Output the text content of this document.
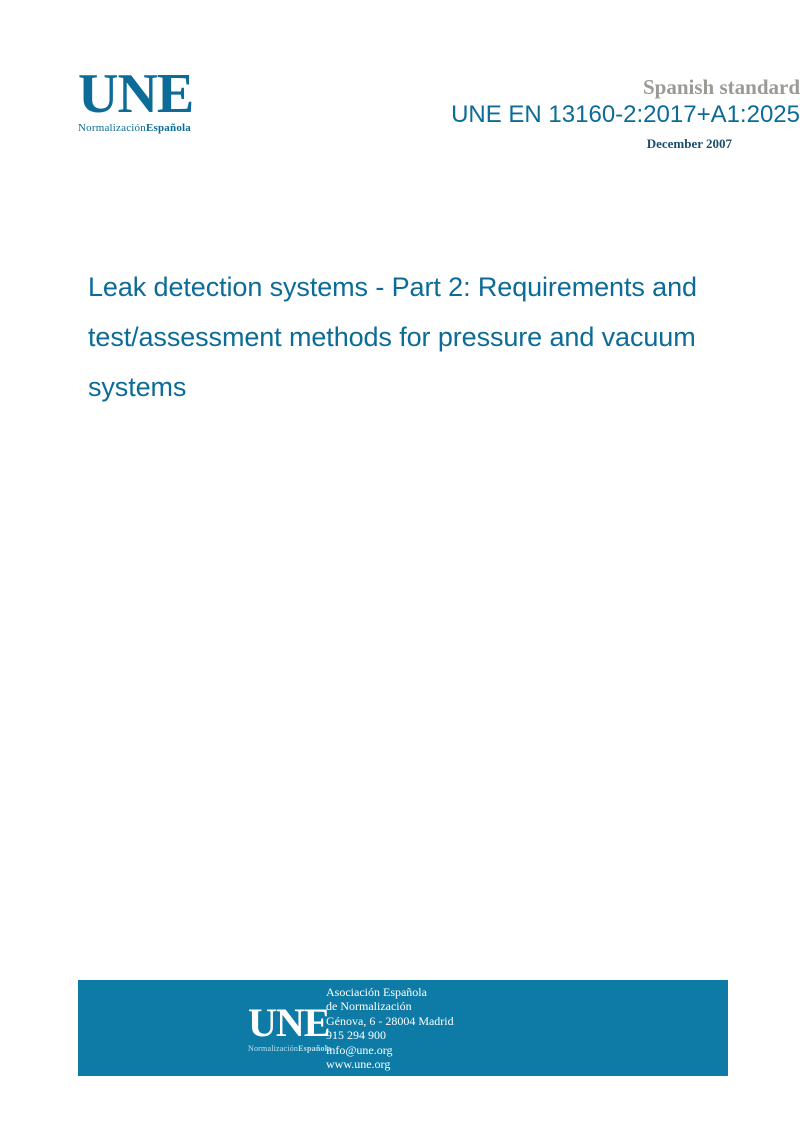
UNE
NormalizaciónEspañola
Spanish standard
UNE EN 13160-2:2017+A1:2025
December 2007
Leak detection systems - Part 2: Requirements and test/assessment methods for pressure and vacuum systems
UNE
NormalizaciónEspañola
Asociación Española
de Normalización
Génova, 6 - 28004 Madrid
915 294 900
info@une.org
www.une.org
